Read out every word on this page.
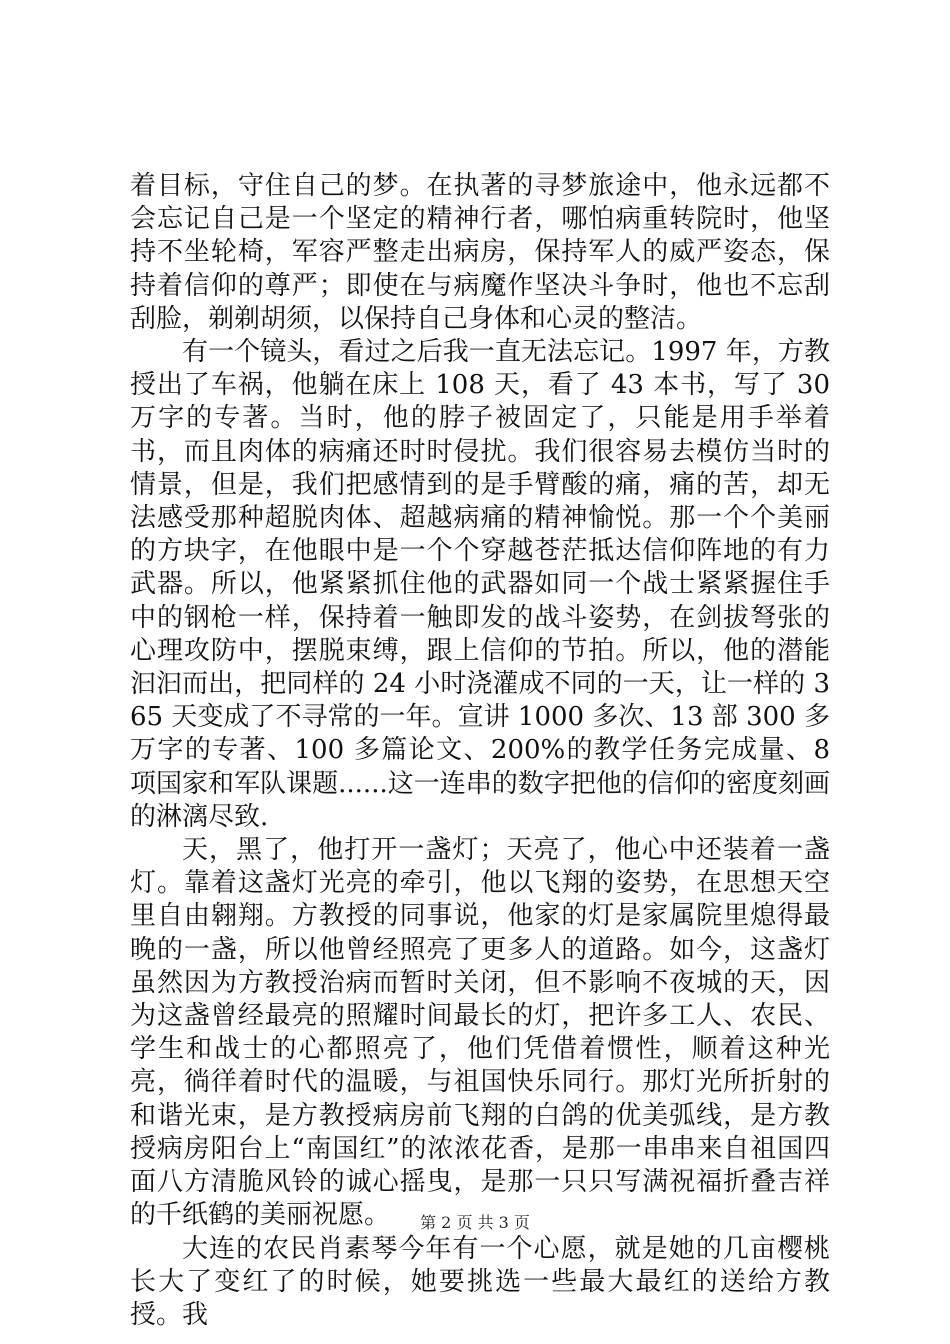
着目标，守住自己的梦。在执著的寻梦旅途中，他永远都不会忘记自己是一个坚定的精神行者，哪怕病重转院时，他坚持不坐轮椅，军容严整走出病房，保持军人的威严姿态，保持着信仰的尊严；即使在与病魔作坚决斗争时，他也不忘刮刮脸，剃剃胡须，以保持自己身体和心灵的整洁。

有一个镜头，看过之后我一直无法忘记。1997 年，方教授出了车祸，他躺在床上 108 天，看了 43 本书，写了 30 万字的专著。当时，他的脖子被固定了，只能是用手举着书，而且肉体的病痛还时时侵扰。我们很容易去模仿当时的情景，但是，我们把感情到的是手臂酸的痛，痛的苦，却无法感受那种超脱肉体、超越病痛的精神愉悦。那一个个美丽的方块字，在他眼中是一个个穿越苍茫抵达信仰阵地的有力武器。所以，他紧紧抓住他的武器如同一个战士紧紧握住手中的钢枪一样，保持着一触即发的战斗姿势，在剑拔弩张的心理攻防中，摆脱束缚，跟上信仰的节拍。所以，他的潜能汩汩而出，把同样的 24 小时浇灌成不同的一天，让一样的 365 天变成了不寻常的一年。宣讲 1000 多次、13 部 300 多万字的专著、100 多篇论文、200%的教学任务完成量、8 项国家和军队课题......这一连串的数字把他的信仰的密度刻画的淋漓尽致.

天，黑了，他打开一盏灯；天亮了，他心中还装着一盏灯。靠着这盏灯光亮的牵引，他以飞翔的姿势，在思想天空里自由翱翔。方教授的同事说，他家的灯是家属院里熄得最晚的一盏，所以他曾经照亮了更多人的道路。如今，这盏灯虽然因为方教授治病而暂时关闭，但不影响不夜城的天，因为这盏曾经最亮的照耀时间最长的灯，把许多工人、农民、学生和战士的心都照亮了，他们凭借着惯性，顺着这种光亮，徜徉着时代的温暖，与祖国快乐同行。那灯光所折射的和谐光束，是方教授病房前飞翔的白鸽的优美弧线，是方教授病房阳台上“南国红”的浓浓花香，是那一串串来自祖国四面八方清脆风铃的诚心摇曳，是那一只只写满祝福折叠吉祥的千纸鹤的美丽祝愿。

大连的农民肖素琴今年有一个心愿，就是她的几亩樱桃长大了变红了的时候，她要挑选一些最大最红的送给方教授。我

第 2 页 共 3 页
